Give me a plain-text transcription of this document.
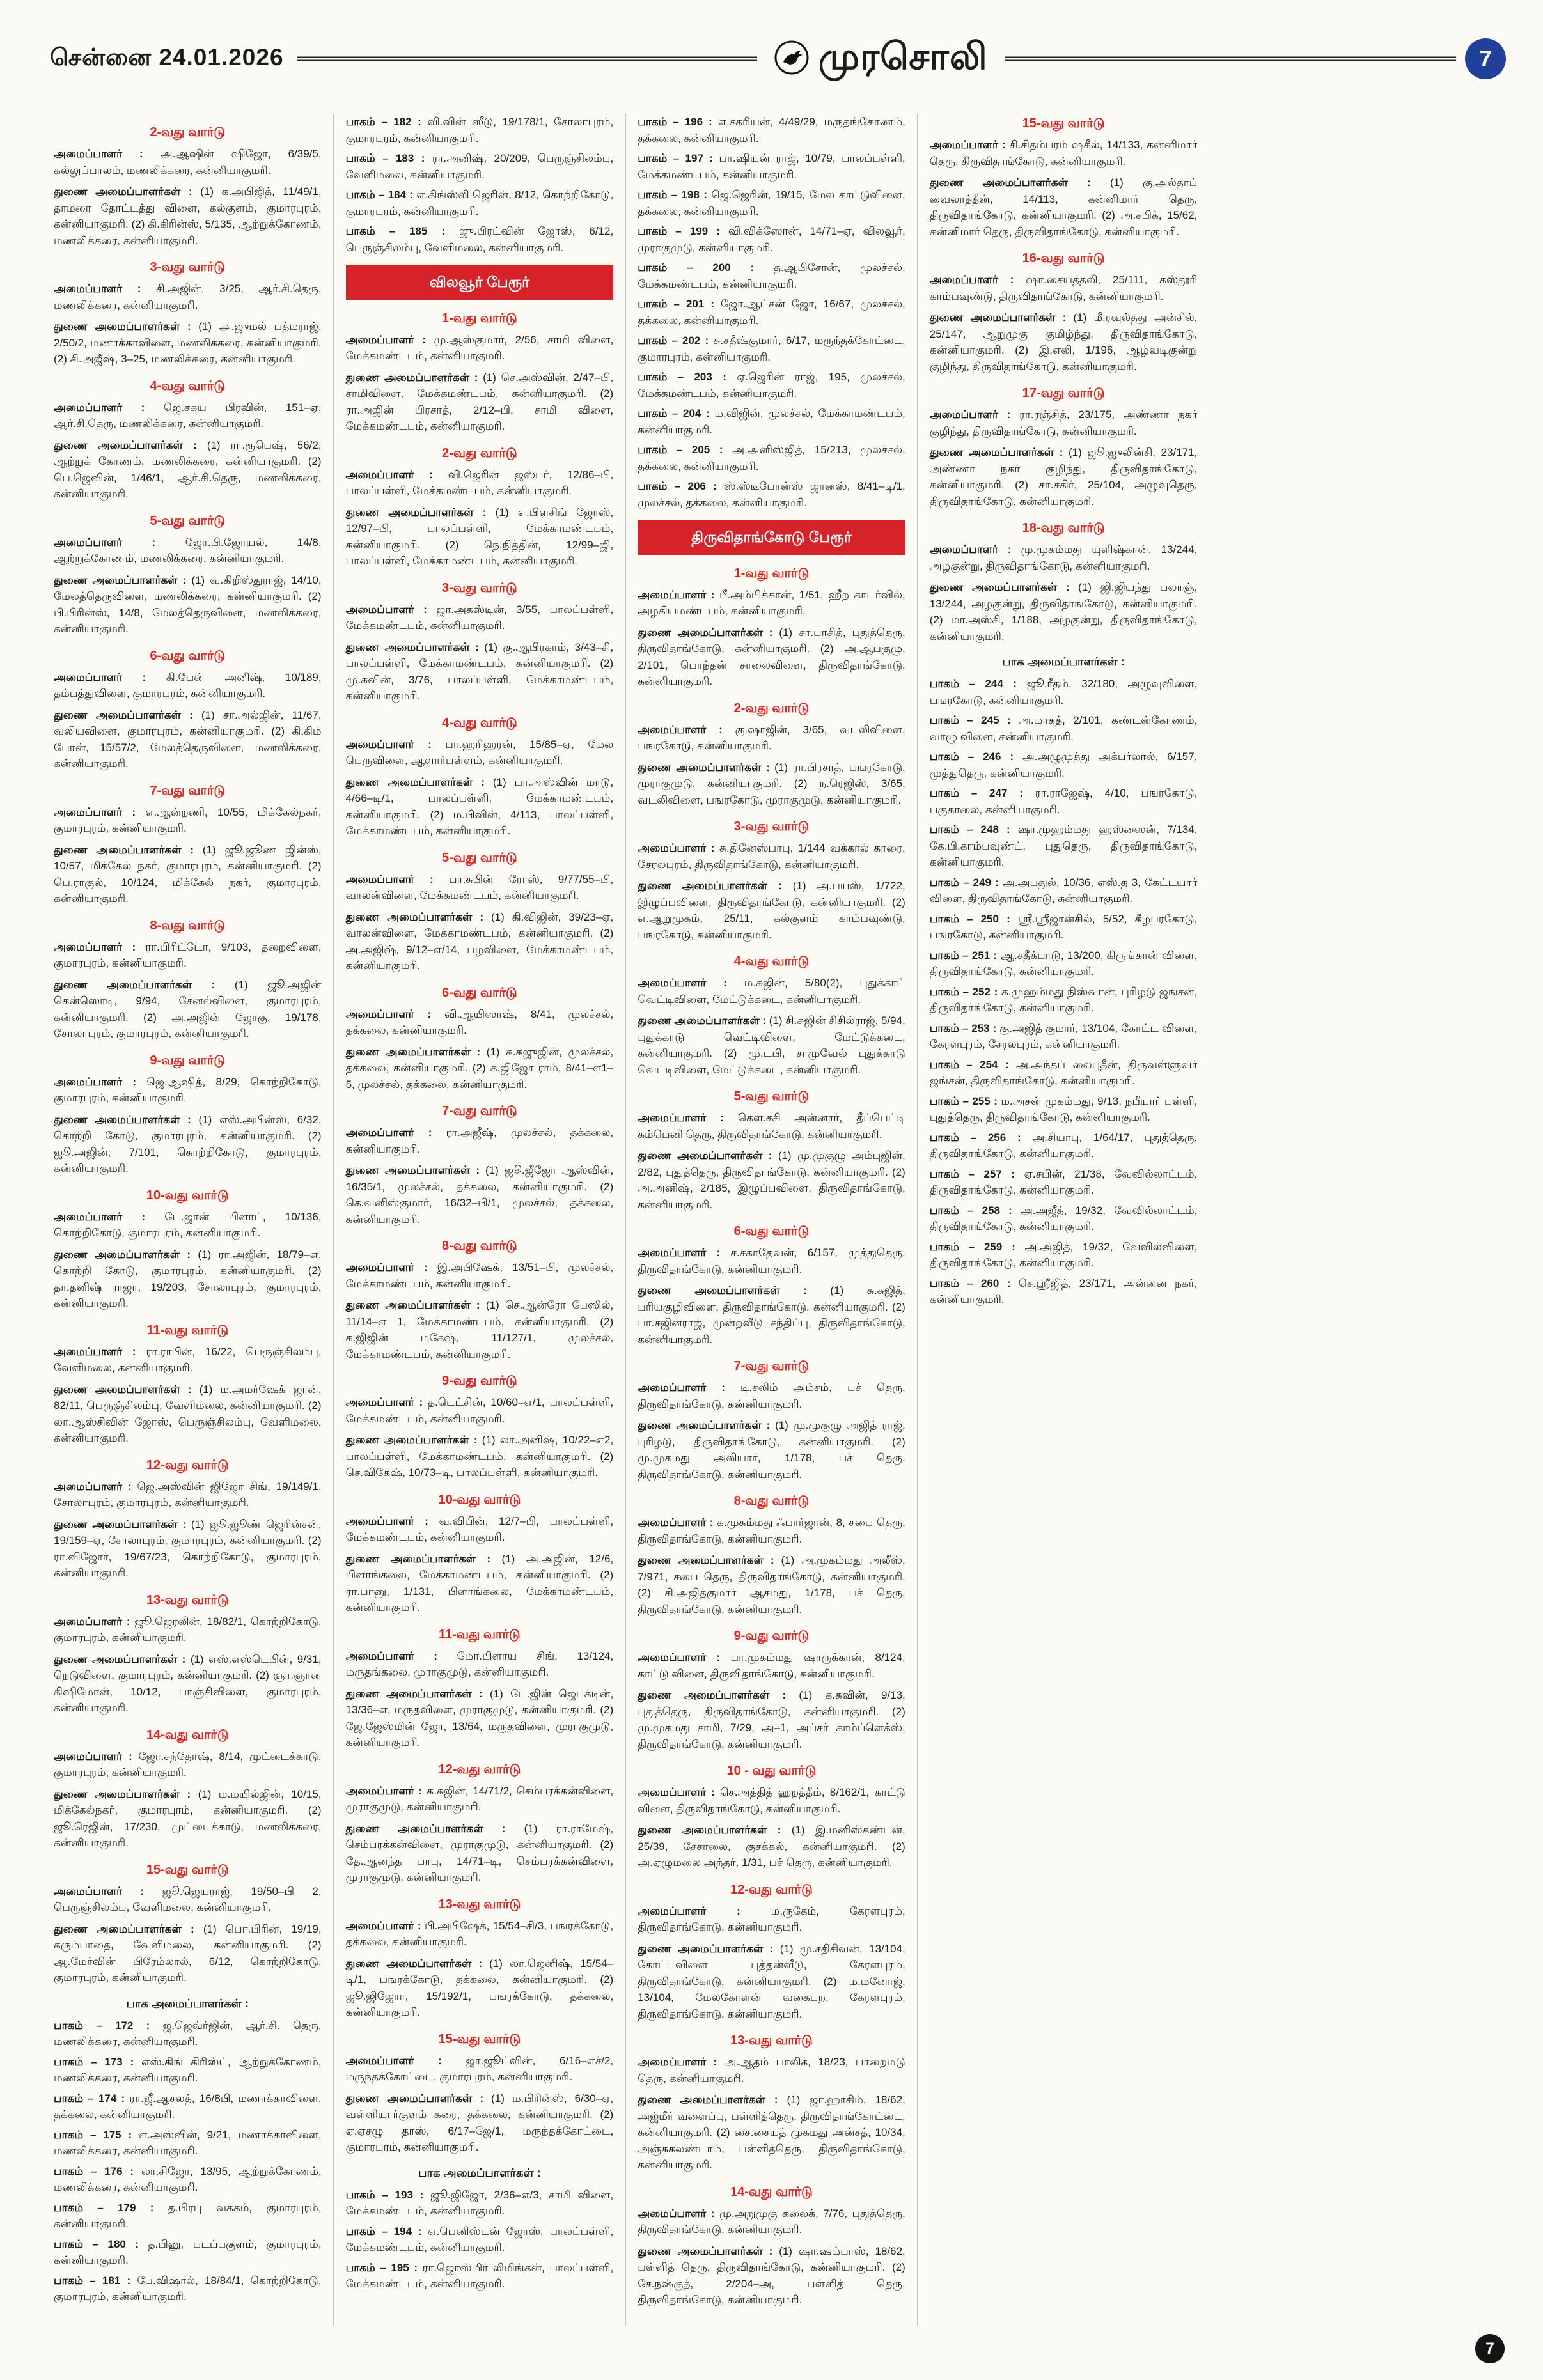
சென்னை 24.01.2026	முரசொலி	7
2-வது வார்டு

அமைப்பாளர் : அ.ஆஷின் ஷிஜோ, 6/39/5, கல்லுப்பாலம், மணலிக்கரை, கன்னியாகுமரி.

துணை அமைப்பாளர்கள் : (1) க.அபிஜித், 11/49/1, தாமரை தோட்டத்து விளை, கல்குளம், குமாரபுரம், கன்னியாகுமரி. (2) கி.கிரின்ஸ், 5/135, ஆற்றுக்கோணம், மணலிக்கரை, கன்னியாகுமரி.

3-வது வார்டு

அமைப்பாளர் : சி.அஜின், 3/25, ஆர்.சி.தெரு, மணலிக்கரை, கன்னியாகுமரி.

துணை அமைப்பாளர்கள் : (1) அ.ஜுமல் பத்மராஜ், 2/50/2, மணாக்காவிளை, மணலிக்கரை, கன்னியாகுமரி. (2) சி.அஜீஷ், 3–25, மணலிக்கரை, கன்னியாகுமரி.

4-வது வார்டு

அமைப்பாளர் : ஜெ.சகய பிரவின், 151–ஏ, ஆர்.சி.தெரு, மணலிக்கரை, கன்னியாகுமரி.

துணை அமைப்பாளர்கள் : (1) ரா.ரூபெஷ், 56/2, ஆற்றுக் கோணம், மணலிக்கரை, கன்னியாகுமரி. (2) பெ.ஜெவின், 1/46/1, ஆர்.சி.தெரு, மணலிக்கரை, கன்னியாகுமரி.

5-வது வார்டு

அமைப்பாளர் : ஜோ.பி.ஜோயல், 14/8, ஆற்றுக்கோணம், மணலிக்கரை, கன்னியாகுமரி.

துணை அமைப்பாளர்கள் : (1) வ.கிறிஸ்துராஜ், 14/10, மேலத்தெருவிளை, மணலிக்கரை, கன்னியாகுமரி. (2) பி.பிரின்ஸ், 14/8, மேலத்தெருவிளை, மணலிக்கரை, கன்னியாகுமரி.

6-வது வார்டு

அமைப்பாளர் : கி.பேன் அனிஷ், 10/189, தம்பத்துவிளை, குமாரபுரம், கன்னியாகுமரி.

துணை அமைப்பாளர்கள் : (1) சா.அல்ஜின், 11/67, வலியவிளை, குமாரபுரம், கன்னியாகுமரி. (2) கி.கிம் போன், 15/57/2, மேலத்தெருவிளை, மணலிக்கரை, கன்னியாகுமரி.

7-வது வார்டு

அமைப்பாளர் : எ.ஆன்றணி, 10/55, மிக்கேல்நகர், குமாரபுரம், கன்னியாகுமரி.

துணை அமைப்பாளர்கள் : (1) ஜூ.ஜூண ஜின்ஸ், 10/57, மிக்கேல் நகர், குமாரபுரம், கன்னியாகுமரி. (2) பெ.ராகுல், 10/124, மிக்கேல் நகர், குமாரபுரம், கன்னியாகுமரி.

8-வது வார்டு

அமைப்பாளர் : ரா.பிரிட்டோ, 9/103, தறைவிளை, குமாரபுரம், கன்னியாகுமரி.

துணை அமைப்பாளர்கள் : (1) ஜூ.அஜின் கென்ஸொடி, 9/94, சேனல்விளை, குமாரபுரம், கன்னியாகுமரி. (2) அ.அஜின் ஜோகு, 19/178, சோலாபுரம், குமாரபுரம், கன்னியாகுமரி.

9-வது வார்டு

அமைப்பாளர் : ஜெ.ஆஷித், 8/29, கொற்றிகோடு, குமாரபுரம், கன்னியாகுமரி.

துணை அமைப்பாளர்கள் : (1) எஸ்.அபின்ஸ், 6/32, கொற்றி கோடு, குமாரபுரம், கன்னியாகுமரி. (2) ஜூ.அஜின், 7/101, கொற்றிகோடு, குமாரபுரம், கன்னியாகுமரி.

10-வது வார்டு

அமைப்பாளர் : டே.ஜான் பிளாட், 10/136, கொற்றிகோடு, குமாரபுரம், கன்னியாகுமரி.

துணை அமைப்பாளர்கள் : (1) ரா.அஜின், 18/79–எ, கொற்றி கோடு, குமாரபுரம், கன்னியாகுமரி. (2) தா.தனிஷ் ராஜா, 19/203, சோலாபுரம், குமாரபுரம், கன்னியாகுமரி.

11-வது வார்டு

அமைப்பாளர் : ரா.ராபின், 16/22, பெருஞ்சிலம்பு, வேளிமலை, கன்னியாகுமரி.

துணை அமைப்பாளர்கள் : (1) ம.அமர்ஷேக் ஜான், 82/11, பெருஞ்சிலம்பு, வேளிமலை, கன்னியாகுமரி. (2) லா.ஆஸ்சிவின் ஜோஸ், பெருஞ்சிலம்பு, வேளிமலை, கன்னியாகுமரி.

12-வது வார்டு

அமைப்பாளர் : ஜெ.அஸ்வின் ஜிஜோ சிங், 19/149/1, சோலாபுரம், குமாரபுரம், கன்னியாகுமரி.

துணை அமைப்பாளர்கள் : (1) ஜூ.ஜூண் ஜெரின்சன், 19/159–ஏ, சோலாபுரம், குமாரபுரம், கன்னியாகுமரி. (2) ரா.விஜோர், 19/67/23, கொற்றிகோடு, குமாரபுரம், கன்னியாகுமரி.

13-வது வார்டு

அமைப்பாளர் : ஜூ.ஜெரலின், 18/82/1, கொற்றிகோடு, குமாரபுரம், கன்னியாகுமரி.

துணை அமைப்பாளர்கள் : (1) எஸ்.எஸ்டெபின், 9/31, நெடுவிளை, குமாரபுரம், கன்னியாகுமரி. (2) ஞா.ஞான கிஷிமோன், 10/12, பாஞ்சிவிளை, குமாரபுரம், கன்னியாகுமரி.

14-வது வார்டு

அமைப்பாளர் : ஜோ.சந்தோஷ், 8/14, முட்டைக்காடு, குமாரபுரம், கன்னியாகுமரி.

துணை அமைப்பாளர்கள் : (1) ம.மயில்ஜின், 10/15, மிக்கேல்நகர், குமாரபுரம், கன்னியாகுமரி. (2) ஜூ.ரெஜின், 17/230, முட்டைக்காடு, மணலிக்கரை, கன்னியாகுமரி.

15-வது வார்டு

அமைப்பாளர் : ஜூ.ஜெயராஜ், 19/50–பி 2, பெருஞ்சிலம்பு, வேளிமலை, கன்னியாகுமரி.

துணை அமைப்பாளர்கள் : (1) பொ.பிரின், 19/19, கரும்பாதை, வேளிமலை, கன்னியாகுமரி. (2) ஆ.மேர்வின் பிரேம்லால், 6/12, கொற்றிகோடு, குமாரபுரம், கன்னியாகுமரி.

பாக அமைப்பாளர்கள் :

பாகம் – 172 : ஜ.ஜெவ்ர்ஜின், ஆர்.சி. தெரு, மணலிக்கரை, கன்னியாகுமரி.

பாகம் – 173 : எஸ்.கிங் கிரிஸ்ட், ஆற்றுக்கோணம், மணலிக்கரை, கன்னியாகுமரி.

பாகம் – 174 : ரா.ஜீ.ஆசலத், 16/8பி, மணாக்காவிளை, தக்கலை, கன்னியாகுமரி.

பாகம் – 175 : எ.அஸ்வின், 9/21, மணாக்காவிளை, மணலிக்கரை, கன்னியாகுமரி.

பாகம் – 176 : லா.சிஜோ, 13/95, ஆற்றுக்கோணம், மணலிக்கரை, கன்னியாகுமரி.

பாகம் – 179 : த.பிரபு வக்கம், குமாரபுரம், கன்னியாகுமரி.

பாகம் – 180 : த.பினு, படப்பகுளம், குமாரபுரம், கன்னியாகுமரி.

பாகம் – 181 : பே.விஷால், 18/84/1, கொற்றிகோடு, குமாரபுரம், கன்னியாகுமரி.

பாகம் – 182 : வி.வின் ஸீடு, 19/178/1, சோலாபுரம், குமாரபுரம், கன்னியாகுமரி.

பாகம் – 183 : ரா.அனிஷ், 20/209, பெருஞ்சிலம்பு, வேளிமலை, கன்னியாகுமரி.

பாகம் – 184 : எ.கிங்ஸ்லி ஜெரின், 8/12, கொற்றிகோடு, குமாரபுரம், கன்னியாகுமரி.

பாகம் – 185 : ஜு.பிரட்வின் ஜோஸ், 6/12, பெருஞ்சிலம்பு, வேளிமலை, கன்னியாகுமரி.

விலவூர் பேரூர்
1-வது வார்டு

அமைப்பாளர் : மு.ஆஸ்குமார், 2/56, சாமி விளை, மேக்கமண்டபம், கன்னியாகுமரி.

துணை அமைப்பாளர்கள் : (1) செ.அஸ்வின், 2/47–பி, சாமிவிளை, மேக்கமண்டபம், கன்னியாகுமரி. (2) ரா.அஜின் பிரசாத், 2/12–பி, சாமி விளை, மேக்கமண்டபம், கன்னியாகுமரி.

2-வது வார்டு

அமைப்பாளர் : வி.ஜெரின் ஜஸ்பர், 12/86–பி, பாலப்பள்ளி, மேக்கமண்டபம், கன்னியாகுமரி.

துணை அமைப்பாளர்கள் : (1) எ.பிளசிங் ஜோஸ், 12/97–பி, பாலப்பள்ளி, மேக்காமண்டபம், கன்னியாகுமரி. (2) நெ.நித்தின், 12/99–ஜி, பாலப்பள்ளி, மேக்காமண்டபம், கன்னியாகுமரி.

3-வது வார்டு

அமைப்பாளர் : ஜா.அகஸ்டின், 3/55, பாலப்பள்ளி, மேக்கமண்டபம், கன்னியாகுமரி.

துணை அமைப்பாளர்கள் : (1) கு.ஆபிரகாம், 3/43–சி, பாலப்பள்ளி, மேக்காமண்டபம், கன்னியாகுமரி. (2) மு.சுவின், 3/76, பாலப்பள்ளி, மேக்காமண்டபம், கன்னியாகுமரி.

4-வது வார்டு

அமைப்பாளர் : பா.ஹரிஹரன், 15/85–ஏ, மேல பெருவிளை, ஆளார்பள்ளம், கன்னியாகுமரி.

துணை அமைப்பாளர்கள் : (1) பா.அஸ்வின் மாடு, 4/66–டி/1, பாலப்பள்ளி, மேக்காமண்டபம், கன்னியாகுமரி. (2) ம.பிவின், 4/113, பாலப்பள்ளி, மேக்காமண்டபம், கன்னியாகுமரி.

5-வது வார்டு

அமைப்பாளர் : பா.சுபின் ரோஸ், 9/77/55–பி, வாலன்விளை, மேக்கமண்டபம், கன்னியாகுமரி.

துணை அமைப்பாளர்கள் : (1) கி.விஜின், 39/23–ஏ, வாலன்விளை, மேக்காமண்டபம், கன்னியாகுமரி. (2) அ.அஜிஷ், 9/12–எ/14, பழவிளை, மேக்காமண்டபம், கன்னியாகுமரி.

6-வது வார்டு

அமைப்பாளர் : வி.ஆயிஸாஷ், 8/41, முலச்சல், தக்கலை, கன்னியாகுமரி.

துணை அமைப்பாளர்கள் : (1) க.கஜுஜின், முலச்சல், தக்கலை, கன்னியாகுமரி. (2) க.ஜிஜோ ராம், 8/41–எ1–5, முலச்சல், தக்கலை, கன்னியாகுமரி.

7-வது வார்டு

அமைப்பாளர் : ரா.அஜீஷ், முலச்சல், தக்கலை, கன்னியாகுமரி.

துணை அமைப்பாளர்கள் : (1) ஜூ.ஜீஜோ ஆஸ்வின், 16/35/1, முலச்சல், தக்கலை, கன்னியாகுமரி. (2) கெ.வனிஸ்குமார், 16/32–பி/1, முலச்சல், தக்கலை, கன்னியாகுமரி.

8-வது வார்டு

அமைப்பாளர் : இ.அபிஷேக், 13/51–பி, முலச்சல், மேக்காமண்டபம், கன்னியாகுமரி.

துணை அமைப்பாளர்கள் : (1) செ.ஆன்ரோ பேஸில், 11/14–எ 1, மேக்காமண்டபம், கன்னியாகுமரி. (2) க.ஜிஜின் மகேஷ், 11/127/1, முலச்சல், மேக்காமண்டபம், கன்னியாகுமரி.

9-வது வார்டு

அமைப்பாளர் : த.டெட்சின், 10/60–எ/1, பாலப்பள்ளி, மேக்கமண்டபம், கன்னியாகுமரி.

துணை அமைப்பாளர்கள் : (1) லா.அனிஷ், 10/22–எ2, பாலப்பள்ளி, மேக்காமண்டபம், கன்னியாகுமரி. (2) செ.விகேஷ், 10/73–டி, பாலப்பள்ளி, கன்னியாகுமரி.

10-வது வார்டு

அமைப்பாளர் : வ.விபின், 12/7–பி, பாலப்பள்ளி, மேக்கமண்டபம், கன்னியாகுமரி.

துணை அமைப்பாளர்கள் : (1) அ.அஜின், 12/6, பிளாங்கலை, மேக்காமண்டபம், கன்னியாகுமரி. (2) ரா.பானு, 1/131, பிளாங்கலை, மேக்காமண்டபம், கன்னியாகுமரி.

11-வது வார்டு

அமைப்பாளர் : மோ.பிளாய சிங், 13/124, மருதங்கலை, முராகுமுடு, கன்னியாகுமரி.

துணை அமைப்பாளர்கள் : (1) டே.ஜின் ஜெபக்டின், 13/36–எ, மருதவிளை, முராகுமுடு, கன்னியாகுமரி. (2) ஜே.ஜேஸ்மின் ஜோ, 13/64, மருதவிளை, முராகுமுடு, கன்னியாகுமரி.

12-வது வார்டு

அமைப்பாளர் : க.சுஜின், 14/71/2, செம்பரக்கன்விளை, முராகுமுடு, கன்னியாகுமரி.

துணை அமைப்பாளர்கள் : (1) ரா.ராமேஷ், செம்பரக்கன்விளை, முராகுமுடு, கன்னியாகுமரி. (2) தே.ஆனந்த பாபு, 14/71–டி, செம்பரக்கன்விளை, முராகுமுடு, கன்னியாகுமரி.

13-வது வார்டு

அமைப்பாளர் : பி.அபிஷேக், 15/54–சி/3, பஙரக்கோடு, தக்கலை, கன்னியாகுமரி.

துணை அமைப்பாளர்கள் : (1) லா.ஜெனிஷ், 15/54–டி/1, பஙரக்கோடு, தக்கலை, கன்னியாகுமரி. (2) ஜூ.ஜிஜோா, 15/192/1, பஙரக்கோடு, தக்கலை, கன்னியாகுமரி.

15-வது வார்டு

அமைப்பாளர் : ஜா.ஜூட்வின், 6/16–எச்/2, மருந்தக்கோட்டை, குமாரபுரம், கன்னியாகுமரி.

துணை அமைப்பாளர்கள் : (1) ம.பிரின்ஸ், 6/30–ஏ, வள்ளியார்குளம் கரை, தக்கலை, கன்னியாகுமரி. (2) ஏ.ஏசழு தாஸ், 6/17–ஜே/1, மருந்தக்கோட்டை, குமாரபுரம், கன்னியாகுமரி.

பாக அமைப்பாளர்கள் :

பாகம் – 193 : ஜூ.ஜிஜோ, 2/36–எ/3, சாமி விளை, மேக்கமண்டபம், கன்னியாகுமரி.

பாகம் – 194 : எ.பெனிஸ்டன் ஜோஸ், பாலப்பள்ளி, மேக்கமண்டபம், கன்னியாகுமரி.

பாகம் – 195 : ரா.ஜொஸ்மிர் லிமிங்கன், பாலப்பள்ளி, மேக்கமண்டபம், கன்னியாகுமரி.

பாகம் – 196 : எ.சகரியன், 4/49/29, மருதங்கோணம், தக்கலை, கன்னியாகுமரி.

பாகம் – 197 : பா.ஷியன் ராஜ், 10/79, பாலப்பள்ளி, மேக்கமண்டபம், கன்னியாகுமரி.

பாகம் – 198 : ஜெ.ஜெரின், 19/15, மேல காட்டுவிளை, தக்கலை, கன்னியாகுமரி.

பாகம் – 199 : வி.விக்ஸோன், 14/71–ஏ, விலவூர், முராகுமுடு, கன்னியாகுமரி.

பாகம் – 200 : த.ஆபிசோன், முலச்சல், மேக்கமண்டபம், கன்னியாகுமரி.

பாகம் – 201 : ஜோ.ஆட்சன் ஜோ, 16/67, முலச்சல், தக்கலை, கன்னியாகுமரி.

பாகம் – 202 : சு.சதீஷ்குமார், 6/17, மருந்தக்கோட்டை, குமாரபுரம், கன்னியாகுமரி.

பாகம் – 203 : ஏ.ஜெரின் ராஜ், 195, முலச்சல், மேக்கமண்டபம், கன்னியாகுமரி.

பாகம் – 204 : ம.விஜின், முலச்சல், மேக்காமண்டபம், கன்னியாகுமரி.

பாகம் – 205 : அ.அனிஸ்ஜித், 15/213, முலச்சல், தக்கலை, கன்னியாகுமரி.

பாகம் – 206 : ஸ்.ஸ்டீபோன்ஸ் ஜானஸ், 8/41–டி/1, முலச்சல், தக்கலை, கன்னியாகுமரி.

திருவிதாங்கோடு பேரூர்
1-வது வார்டு

அமைப்பாளர் : பீ.அம்பிக்கான், 1/51, ஹீற காடர்வில், அழகியமண்டபம், கன்னியாகுமரி.

துணை அமைப்பாளர்கள் : (1) சா.பாசித், புதுத்தெரு, திருவிதாங்கோடு, கன்னியாகுமரி. (2) அ.ஆபகுழு, 2/101, பொந்தன் சாலைவிளை, திருவிதாங்கோடு, கன்னியாகுமரி.

2-வது வார்டு

அமைப்பாளர் : கு.ஷாஜின், 3/65, வடலிவிளை, பஙரகோடு, கன்னியாகுமரி.

துணை அமைப்பாளர்கள் : (1) ரா.பிரசாத், பஙரகோடு, முராகுமுடு, கன்னியாகுமரி. (2) ந.ரெஜிஸ், 3/65, வடலிவிளை, பஙரகோடு, முராகுமுடு, கன்னியாகுமரி.

3-வது வார்டு

அமைப்பாளர் : சு.தினேஸ்பாபு, 1/144 வக்கால் காரை, சேரலபுரம், திருவிதாங்கோடு, கன்னியாகுமரி.

துணை அமைப்பாளர்கள் : (1) அ.பயஸ், 1/722, இழுப்பவிளை, திருவிதாங்கோடு, கன்னியாகுமரி. (2) எ.ஆறுமுகம், 25/11, கல்குளம் காம்பவுண்டு, பஙரகோடு, கன்னியாகுமரி.

4-வது வார்டு

அமைப்பாளர் : ம.சுஜின், 5/80(2), புதுக்காட் வெட்டிவிளை, மேட்டுக்கடை, கன்னியாகுமரி.

துணை அமைப்பாளர்கள் : (1) சி.சுஜின் சிசில்ராஜ், 5/94, புதுக்காடு வெட்டிவிளை, மேட்டுக்கடை, கன்னியாகுமரி. (2) மு.டபி, சாமுவேல் புதுக்காடு வெட்டிவிளை, மேட்டுக்கடை, கன்னியாகுமரி.

5-வது வார்டு

அமைப்பாளர் : கௌ.சசி அன்னார், தீப்பெட்டி கம்பெனி தெரு, திருவிதாங்கோடு, கன்னியாகுமரி.

துணை அமைப்பாளர்கள் : (1) மு.முகுழு அம்புஜின், 2/82, புதுத்தெரு, திருவிதாங்கோடு, கன்னியாகுமரி. (2) அ.அனிஷ், 2/185, இழுப்பவிளை, திருவிதாங்கோடு, கன்னியாகுமரி.

6-வது வார்டு

அமைப்பாளர் : ச.சகாதேவன், 6/157, முத்துதெரு, திருவிதாங்கோடு, கன்னியாகுமரி.

துணை அமைப்பாளர்கள் : (1) சு.சுஜித், பரியகுழிவிளை, திருவிதாங்கோடு, கன்னியாகுமரி. (2) பா.சஜின்ராஜ், முன்றவீடு சந்திப்பு, திருவிதாங்கோடு, கன்னியாகுமரி.

7-வது வார்டு

அமைப்பாளர் : டி.சலிம் அம்சம், பச் தெரு, திருவிதாங்கோடு, கன்னியாகுமரி.

துணை அமைப்பாளர்கள் : (1) மு.முகுழு அஜித் ராஜ், புரிழடு, திருவிதாங்கோடு, கன்னியாகுமரி. (2) மு.முகமது அலியார், 1/178, பச் தெரு, திருவிதாங்கோடு, கன்னியாகுமரி.

8-வது வார்டு

அமைப்பாளர் : க.முகம்மது ஃபார்ஜான், 8, சபை தெரு, திருவிதாங்கோடு, கன்னியாகுமரி.

துணை அமைப்பாளர்கள் : (1) அ.முகம்மது அலீஸ், 7/971, சபை தெரு, திருவிதாங்கோடு, கன்னியாகுமரி. (2) சி.அஜித்குமார் ஆசமது, 1/178, பச் தெரு, திருவிதாங்கோடு, கன்னியாகுமரி.

9-வது வார்டு

அமைப்பாளர் : பா.முகம்மது ஷாருக்கான், 8/124, காட்டு விளை, திருவிதாங்கோடு, கன்னியாகுமரி.

துணை அமைப்பாளர்கள் : (1) க.சுவின், 9/13, புதுத்தெரு, திருவிதாங்கோடு, கன்னியாகுமரி. (2) மு.முகமது சாமி, 7/29, அ–1, அப்சர் காம்ப்ளெக்ஸ், திருவிதாங்கோடு, கன்னியாகுமரி.

10 - வது வார்டு

அமைப்பாளர் : செ.அத்தித் ஹறத்தீம், 8/162/1, காட்டு விளை, திருவிதாங்கோடு, கன்னியாகுமரி.

துணை அமைப்பாளர்கள் : (1) இ.மனிஸ்கண்டன், 25/39, சேசாலை, குசக்கல், கன்னியாகுமரி. (2) அ.ஏழுமலை அந்தர், 1/31, பச் தெரு, கன்னியாகுமரி.

12-வது வார்டு

அமைப்பாளர் : ம.ருகேம், கேரளபுரம், திருவிதாங்கோடு, கன்னியாகுமரி.

துணை அமைப்பாளர்கள் : (1) மு.சதிசிவன், 13/104, கோட்டவிளை புத்தன்வீடு, கேரளபுரம், திருவிதாங்கோடு, கன்னியாகுமரி. (2) ம.மனோஜ், 13/104, மேலகோளன் வகைபுற, கேரளபுரம், திருவிதாங்கோடு, கன்னியாகுமரி.

13-வது வார்டு

அமைப்பாளர் : அ.ஆதம் பாலிக், 18/23, பாறைமடு தெரு, கன்னியாகுமரி.

துணை அமைப்பாளர்கள் : (1) ஜா.ஹாசிம், 18/62, அஜ்மீர் வளைப்பு, பள்ளித்தெரு, திருவிதாங்கோட்டை, கன்னியாகுமரி. (2) சை.சையத் முகமது அன்சத், 10/34, அஞ்சுகலண்டாம், பள்ளித்தெரு, திருவிதாங்கோடு, கன்னியாகுமரி.

14-வது வார்டு

அமைப்பாளர் : மு.அறுமுகு கலைக், 7/76, புதுத்தெரு, திருவிதாங்கோடு, கன்னியாகுமரி.

துணை அமைப்பாளர்கள் : (1) ஷா.ஷம்பாஸ், 18/62, பள்ளித் தெரு, திருவிதாங்கோடு, கன்னியாகுமரி. (2) சே.நஷ்குத், 2/204–அ, பள்ளித் தெரு, திருவிதாங்கோடு, கன்னியாகுமரி.

15-வது வார்டு

அமைப்பாளர் : சி.சிதம்பரம் ஷகீல், 14/133, கன்னிமார் தெரு, திருவிதாங்கோடு, கன்னியாகுமரி.

துணை அமைப்பாளர்கள் : (1) கு.அல்தாப் வைலாத்தீன், 14/113, கன்னிமார் தெரு, திருவிதாங்கோடு, கன்னியாகுமரி. (2) அ.சபிக், 15/62, கன்னிமார் தெரு, திருவிதாங்கோடு, கன்னியாகுமரி.

16-வது வார்டு

அமைப்பாளர் : ஷா.சையத்தலி, 25/111, கஸ்தூரி காம்பவுண்டு, திருவிதாங்கோடு, கன்னியாகுமரி.

துணை அமைப்பாளர்கள் : (1) மீ.ரவுல்தது அன்சில், 25/147, ஆறுமுகு குமிழ்ந்து, திருவிதாங்கோடு, கன்னியாகுமரி. (2) இ.எலி, 1/196, ஆழ்வடிகுன்று குழிந்து, திருவிதாங்கோடு, கன்னியாகுமரி.

17-வது வார்டு

அமைப்பாளர் : ரா.ரஞ்சித், 23/175, அண்ணா நகர் குழிந்து, திருவிதாங்கோடு, கன்னியாகுமரி.

துணை அமைப்பாளர்கள் : (1) ஜூ.ஜுலின்சி, 23/171, அண்ணா நகர் குழிந்து, திருவிதாங்கோடு, கன்னியாகுமரி. (2) சா.சகிர், 25/104, அழுவுதெரு, திருவிதாங்கோடு, கன்னியாகுமரி.

18-வது வார்டு

அமைப்பாளர் : மு.முகம்மது யுளிஷ்கான், 13/244, அழகுன்று, திருவிதாங்கோடு, கன்னியாகுமரி.

துணை அமைப்பாளர்கள் : (1) ஜி.ஜியந்து பலாஞ், 13/244, அழகுன்று, திருவிதாங்கோடு, கன்னியாகுமரி. (2) மா.அஸ்சி, 1/188, அழகுன்று, திருவிதாங்கோடு, கன்னியாகுமரி.

பாக அமைப்பாளர்கள் :

பாகம் – 244 : ஜூ.ரீதம், 32/180, அழுவுவிளை, பஙரகோடு, கன்னியாகுமரி.

பாகம் – 245 : அ.மாகத், 2/101, கண்டன்கோணம், வாழு விளை, கன்னியாகுமரி.

பாகம் – 246 : அ.அழுமுத்து அக்பர்லால், 6/157, முத்துதெரு, கன்னியாகுமரி.

பாகம் – 247 : ரா.ராஜேஷ், 4/10, பஙரகோடு, பகுகாலை, கன்னியாகுமரி.

பாகம் – 248 : ஷா.முஹம்மது ஹஸ்ஸைன், 7/134, கே.பி.காம்பவுண்ட், புதுதெரு, திருவிதாங்கோடு, கன்னியாகுமரி.

பாகம் – 249 : அ.அபதுல், 10/36, எஸ்.த 3, கேட்டயார் விளை, திருவிதாங்கோடு, கன்னியாகுமரி.

பாகம் – 250 : ஸ்ரீ.ஸ்ரீஜான்சில், 5/52, கீழபரகோடு, பஙரகோடு, கன்னியாகுமரி.

பாகம் – 251 : ஆ.சதீக்பாடு, 13/200, கிருங்கான் விளை, திருவிதாங்கோடு, கன்னியாகுமரி.

பாகம் – 252 : க.முஹம்மது நிஸ்வான், புரிழடு ஜங்சன், திருவிதாங்கோடு, கன்னியாகுமரி.

பாகம் – 253 : கு.அஜித் குமார், 13/104, கோட்ட விளை, கேரளபுரம், சேரலபுரம், கன்னியாகுமரி.

பாகம் – 254 : அ.அந்தப் லைபுதீன், திருவள்ளுவர் ஜங்சன், திருவிதாங்கோடு, கன்னியாகுமரி.

பாகம் – 255 : ம.அசன் முகம்மது, 9/13, நபீயார் பள்ளி, புதுத்தெரு, திருவிதாங்கோடு, கன்னியாகுமரி.

பாகம் – 256 : அ.சியாபு, 1/64/17, புதுத்தெரு, திருவிதாங்கோடு, கன்னியாகுமரி.

பாகம் – 257 : ஏ.சபின், 21/38, வேவில்லாட்டம், திருவிதாங்கோடு, கன்னியாகுமரி.

பாகம் – 258 : அ.அஜீத், 19/32, வேவில்லாட்டம், திருவிதாங்கோடு, கன்னியாகுமரி.

பாகம் – 259 : அ.அஜித், 19/32, வேவில்விளை, திருவிதாங்கோடு, கன்னியாகுமரி.

பாகம் – 260 : செ.ஸ்ரீஜித், 23/171, அன்னை நகர், கன்னியாகுமரி.

7
